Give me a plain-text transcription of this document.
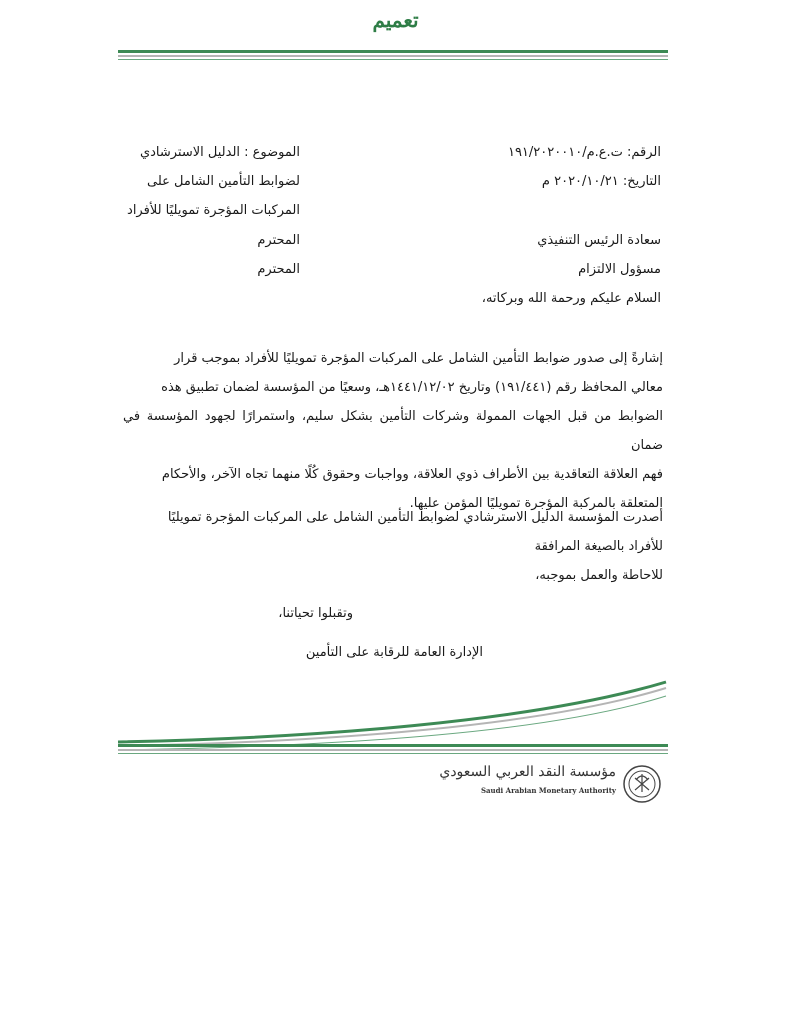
تعميم
الرقم: ت.ع.م/١٩١/٢٠٢٠٠١٠
التاريخ: ٢٠٢٠/١٠/٢١ م
الموضوع : الدليل الاسترشادي
لضوابط التأمين الشامل على
المركبات المؤجرة تمويليًا للأفراد
سعادة الرئيس التنفيذي
المحترم
مسؤول الالتزام
المحترم
السلام عليكم ورحمة الله وبركاته،

إشارةً إلى صدور ضوابط التأمين الشامل على المركبات المؤجرة تمويليًا للأفراد بموجب قرار

معالي المحافظ رقم (١٩١/٤٤١) وتاريخ ١٤٤١/١٢/٠٢هـ، وسعيًا من المؤسسة لضمان تطبيق هذه

الضوابط من قبل الجهات الممولة وشركات التأمين بشكل سليم، واستمرارًا لجهود المؤسسة في ضمان

فهم العلاقة التعاقدية بين الأطراف ذوي العلاقة، وواجبات وحقوق كُلًا منهما تجاه الآخر، والأحكام

المتعلقة بالمركبة المؤجرة تمويليًا المؤمن عليها.

أصدرت المؤسسة الدليل الاسترشادي لضوابط التأمين الشامل على المركبات المؤجرة تمويليًا

للأفراد بالصيغة المرافقة

للاحاطة والعمل بموجبه،

وتقبلوا تحياتنا،
الإدارة العامة للرقابة على التأمين
مؤسسة النقد العربي السعودي
Saudi Arabian Monetary Authority
